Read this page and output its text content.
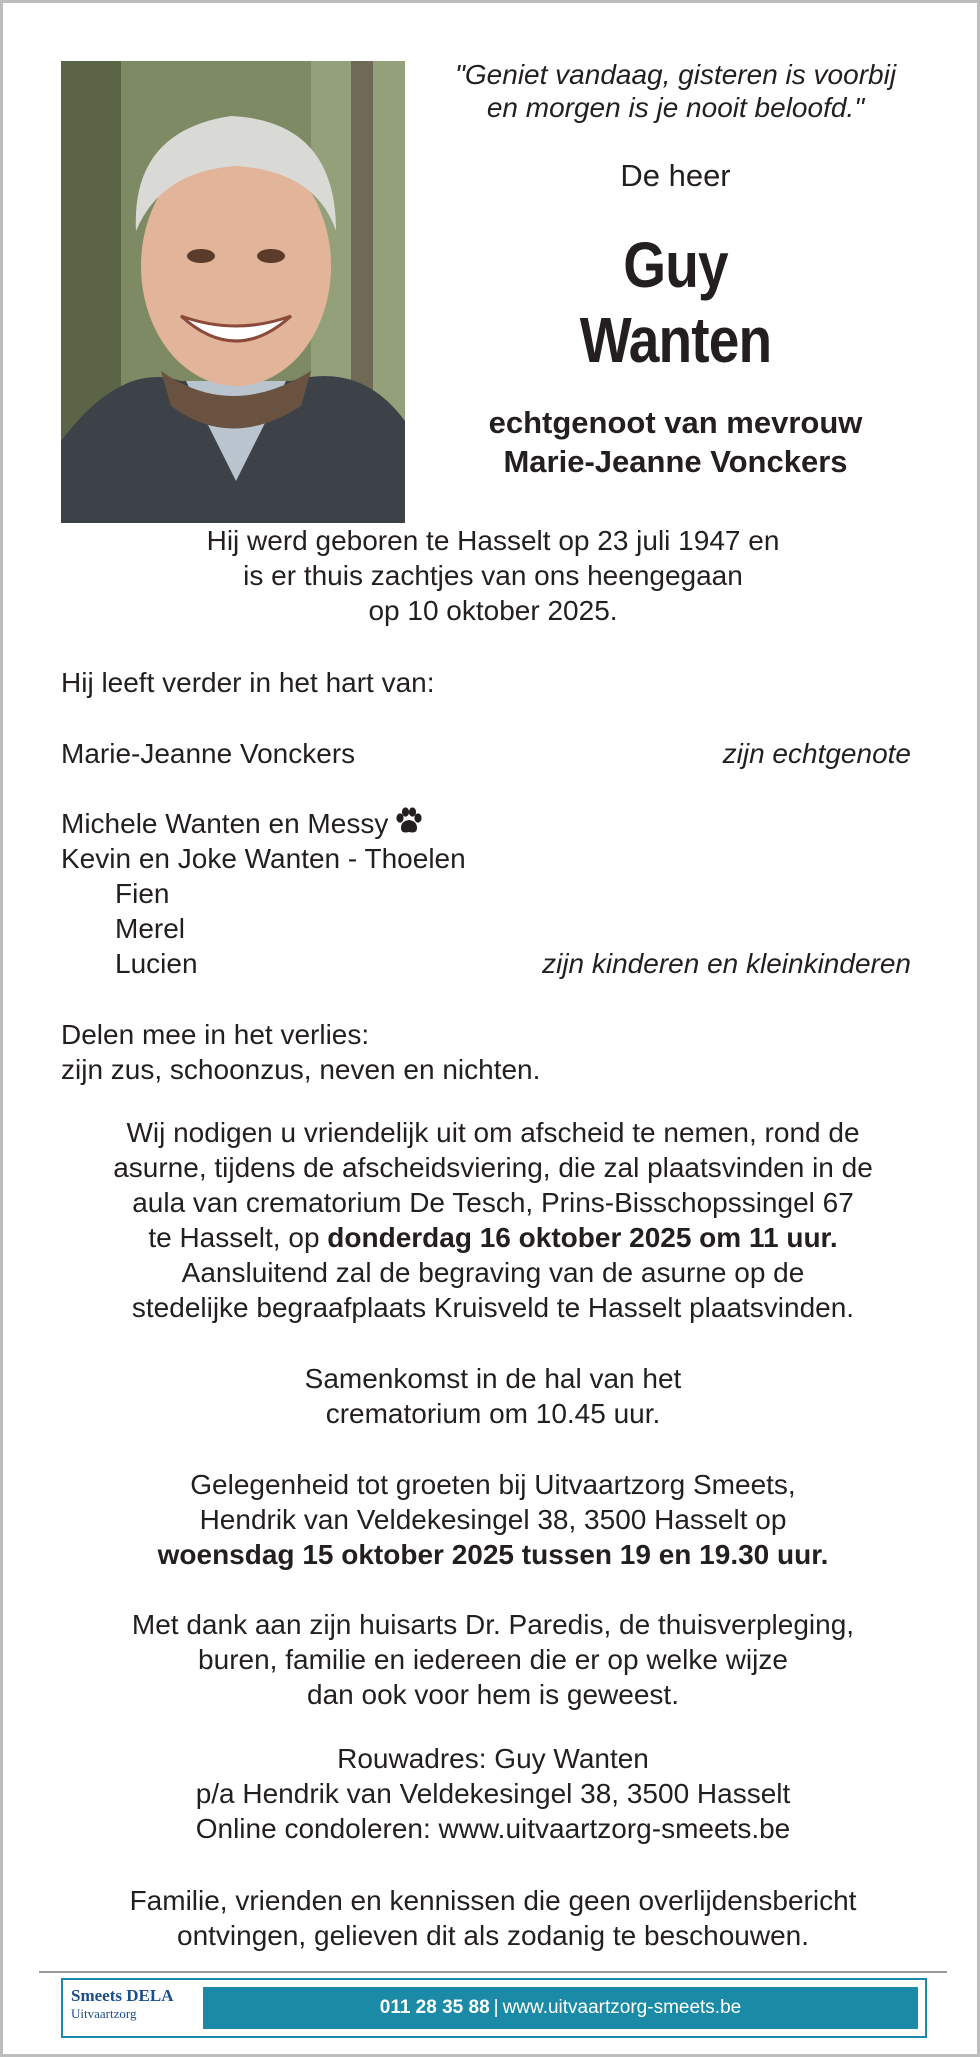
"Geniet vandaag, gisteren is voorbij
en morgen is je nooit beloofd."
De heer
Guy
Wanten
echtgenoot van mevrouw
Marie-Jeanne Vonckers
Hij werd geboren te Hasselt op 23 juli 1947 en
is er thuis zachtjes van ons heengegaan
op 10 oktober 2025.
Hij leeft verder in het hart van:
Marie-Jeanne Vonckers	zijn echtgenote
Michele Wanten en Messy
Kevin en Joke Wanten - Thoelen
Fien
Merel
Lucien	zijn kinderen en kleinkinderen
Delen mee in het verlies:
zijn zus, schoonzus, neven en nichten.
Wij nodigen u vriendelijk uit om afscheid te nemen, rond de
asurne, tijdens de afscheidsviering, die zal plaatsvinden in de
aula van crematorium De Tesch, Prins-Bisschopssingel 67
te Hasselt, op donderdag 16 oktober 2025 om 11 uur.
Aansluitend zal de begraving van de asurne op de
stedelijke begraafplaats Kruisveld te Hasselt plaatsvinden.
Samenkomst in de hal van het
crematorium om 10.45 uur.
Gelegenheid tot groeten bij Uitvaartzorg Smeets,
Hendrik van Veldekesingel 38, 3500 Hasselt op
woensdag 15 oktober 2025 tussen 19 en 19.30 uur.
Met dank aan zijn huisarts Dr. Paredis, de thuisverpleging,
buren, familie en iedereen die er op welke wijze
dan ook voor hem is geweest.
Rouwadres: Guy Wanten
p/a Hendrik van Veldekesingel 38, 3500 Hasselt
Online condoleren: www.uitvaartzorg-smeets.be
Familie, vrienden en kennissen die geen overlijdensbericht
ontvingen, gelieven dit als zodanig te beschouwen.
Smeets DELA
Uitvaartzorg	011 28 35 88 | www.uitvaartzorg-smeets.be
